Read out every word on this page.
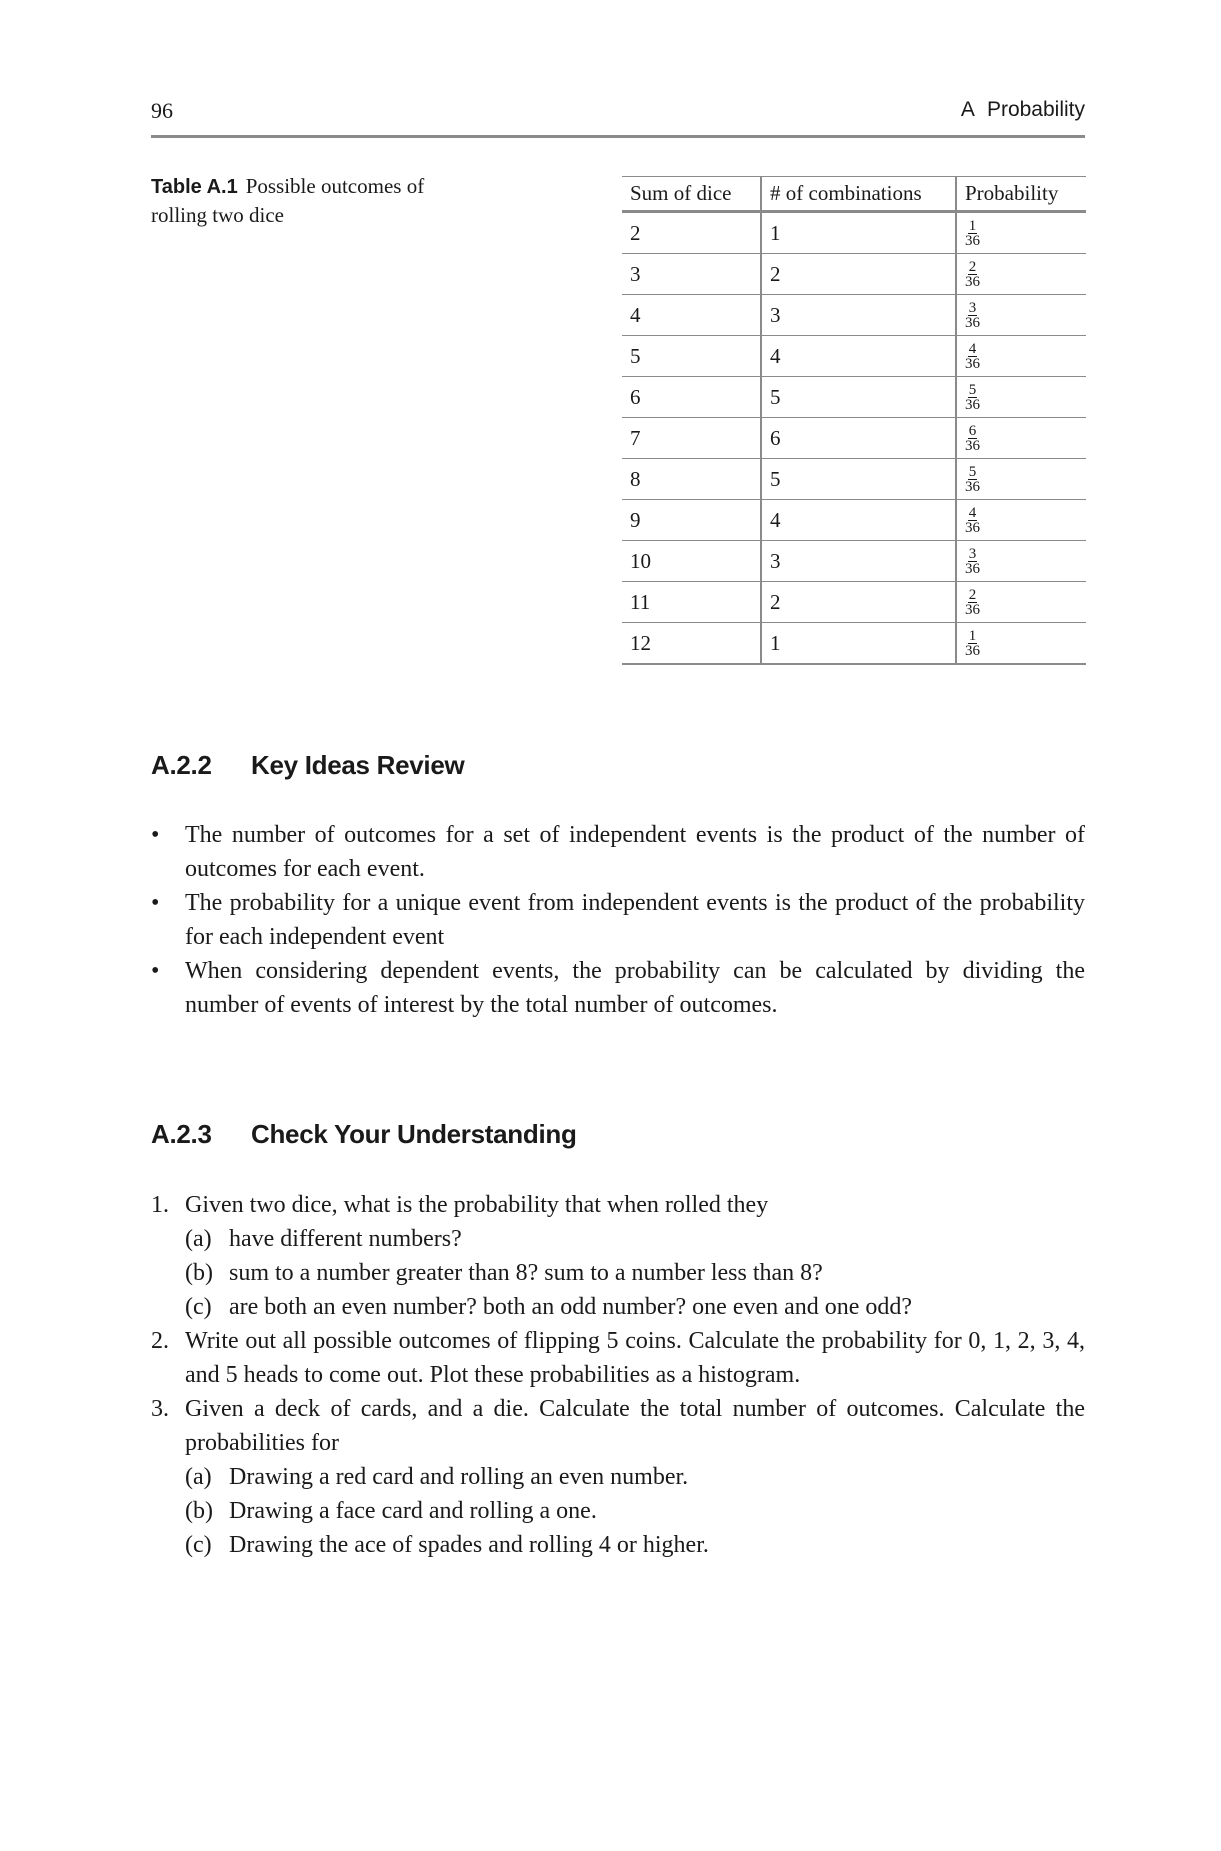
96	A Probability
Table A.1 Possible outcomes of rolling two dice
Sum of dice	# of combinations	Probability
2	1	$\frac{1}{36}$

3	2	$\frac{2}{36}$

4	3	$\frac{3}{36}$

5	4	$\frac{4}{36}$

6	5	$\frac{5}{36}$

7	6	$\frac{6}{36}$

8	5	$\frac{5}{36}$

9	4	$\frac{4}{36}$

10	3	$\frac{3}{36}$

11	2	$\frac{2}{36}$

12	1	$\frac{1}{36}$
A.2.2 Key Ideas Review
• The number of outcomes for a set of independent events is the product of the number of outcomes for each event.
• The probability for a unique event from independent events is the product of the probability for each independent event
• When considering dependent events, the probability can be calculated by dividing the number of events of interest by the total number of outcomes.
A.2.3 Check Your Understanding
1. Given two dice, what is the probability that when rolled they
(a) have different numbers?
(b) sum to a number greater than 8? sum to a number less than 8?
(c) are both an even number? both an odd number? one even and one odd?
2. Write out all possible outcomes of flipping 5 coins. Calculate the probability for 0, 1, 2, 3, 4, and 5 heads to come out. Plot these probabilities as a histogram.
3. Given a deck of cards, and a die. Calculate the total number of outcomes. Calculate the probabilities for
(a) Drawing a red card and rolling an even number.
(b) Drawing a face card and rolling a one.
(c) Drawing the ace of spades and rolling 4 or higher.
